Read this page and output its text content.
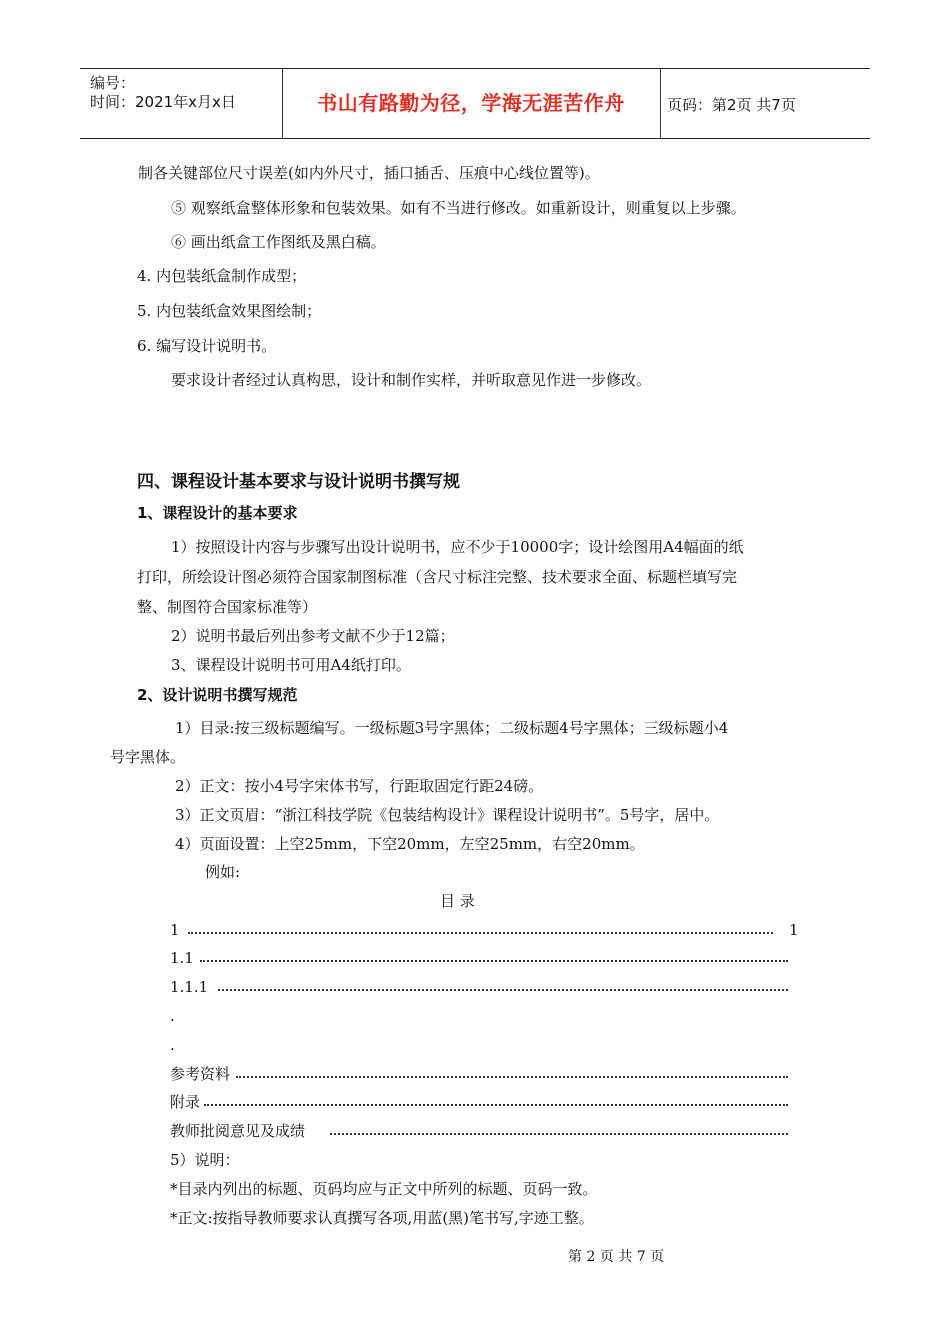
编号：
时间：2021年x月x日	书山有路勤为径，学海无涯苦作舟	页码：第2页 共7页
制各关键部位尺寸误差(如内外尺寸，插口插舌、压痕中心线位置等)。
⑤ 观察纸盒整体形象和包装效果。如有不当进行修改。如重新设计，则重复以上步骤。
⑥ 画出纸盒工作图纸及黑白稿。
4. 内包装纸盒制作成型；
5. 内包装纸盒效果图绘制；
6. 编写设计说明书。
要求设计者经过认真构思，设计和制作实样，并听取意见作进一步修改。
四、课程设计基本要求与设计说明书撰写规
1、课程设计的基本要求
1）按照设计内容与步骤写出设计说明书，应不少于10000字；设计绘图用A4幅面的纸
打印，所绘设计图必须符合国家制图标准（含尺寸标注完整、技术要求全面、标题栏填写完
整、制图符合国家标准等）
2）说明书最后列出参考文献不少于12篇；
3、课程设计说明书可用A4纸打印。
2、设计说明书撰写规范
1）目录:按三级标题编写。一级标题3号字黑体；二级标题4号字黑体；三级标题小4
号字黑体。
2）正文：按小4号字宋体书写，行距取固定行距24磅。
3）正文页眉：“浙江科技学院《包装结构设计》课程设计说明书”。5号字，居中。
4）页面设置：上空25mm，下空20mm，左空25mm，右空20mm。
例如:
目 录
1	1
1.1
1.1.1
.
.
参考资料
附录
教师批阅意见及成绩
5）说明：
*目录内列出的标题、页码均应与正文中所列的标题、页码一致。
*正文:按指导教师要求认真撰写各项,用蓝(黑)笔书写,字迹工整。
第 2 页 共 7 页
